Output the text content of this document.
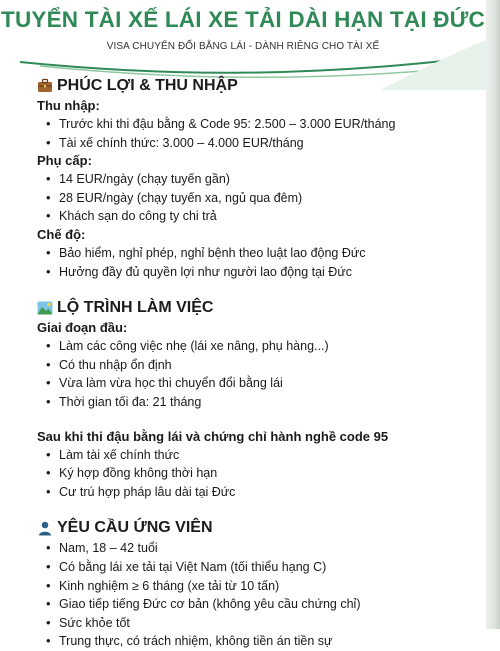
TUYỂN TÀI XẾ LÁI XE TẢI DÀI HẠN TẠI ĐỨC
VISA CHUYỂN ĐỔI BẰNG LÁI - DÀNH RIÊNG CHO TÀI XẾ
PHÚC LỢI & THU NHẬP
Thu nhập:
• Trước khi thi đậu bằng & Code 95: 2.500 – 3.000 EUR/tháng
• Tài xế chính thức: 3.000 – 4.000 EUR/tháng
Phụ cấp:
• 14 EUR/ngày (chạy tuyến gần)
• 28 EUR/ngày (chạy tuyến xa, ngủ qua đêm)
• Khách sạn do công ty chi trả
Chế độ:
• Bảo hiểm, nghỉ phép, nghỉ bệnh theo luật lao động Đức
• Hưởng đầy đủ quyền lợi như người lao động tại Đức
LỘ TRÌNH LÀM VIỆC
Giai đoạn đầu:
• Làm các công việc nhẹ (lái xe nâng, phụ hàng...)
• Có thu nhập ổn định
• Vừa làm vừa học thi chuyển đổi bằng lái
• Thời gian tối đa: 21 tháng
Sau khi thi đậu bằng lái và chứng chỉ hành nghề code 95
• Làm tài xế chính thức
• Ký hợp đồng không thời hạn
• Cư trú hợp pháp lâu dài tại Đức
YÊU CẦU ỨNG VIÊN
• Nam, 18 – 42 tuổi
• Có bằng lái xe tải tại Việt Nam (tối thiểu hạng C)
• Kinh nghiệm ≥ 6 tháng (xe tải từ 10 tấn)
• Giao tiếp tiếng Đức cơ bản (không yêu cầu chứng chỉ)
• Sức khỏe tốt
• Trung thực, có trách nhiệm, không tiền án tiền sự
